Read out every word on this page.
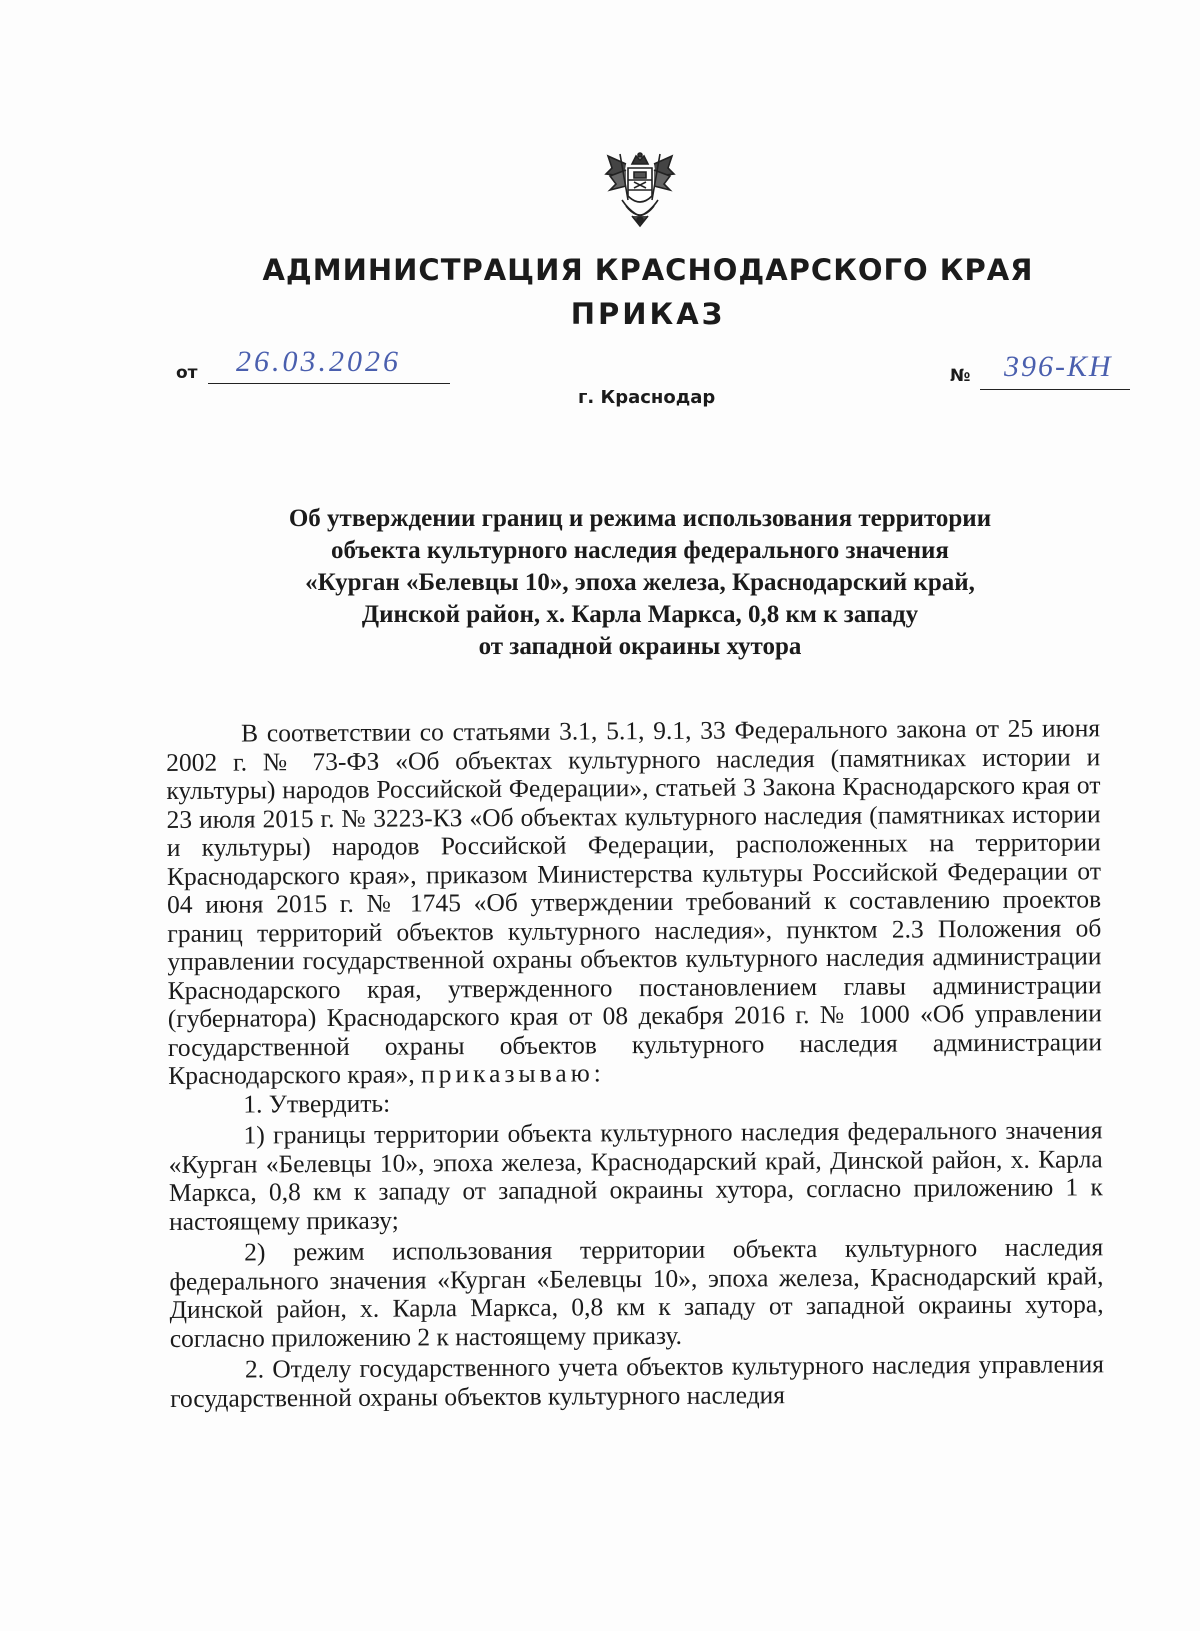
АДМИНИСТРАЦИЯ КРАСНОДАРСКОГО КРАЯ
ПРИКАЗ
от 26.03.2026
г. Краснодар
№ 396-КН
Об утверждении границ и режима использования территории
объекта культурного наследия федерального значения
«Курган «Белевцы 10», эпоха железа, Краснодарский край,
Динской район, х. Карла Маркса, 0,8 км к западу
от западной окраины хутора

В соответствии со статьями 3.1, 5.1, 9.1, 33 Федерального закона от 25 июня 2002 г. № 73-ФЗ «Об объектах культурного наследия (памятниках истории и культуры) народов Российской Федерации», статьей 3 Закона Краснодарского края от 23 июля 2015 г. № 3223-КЗ «Об объектах культурного наследия (памятниках истории и культуры) народов Российской Федерации, расположенных на территории Краснодарского края», приказом Министерства культуры Российской Федерации от 04 июня 2015 г. № 1745 «Об утверждении требований к составлению проектов границ территорий объектов культурного наследия», пунктом 2.3 Положения об управлении государственной охраны объектов культурного наследия администрации Краснодарского края, утвержденного постановлением главы администрации (губернатора) Краснодарского края от 08 декабря 2016 г. № 1000 «Об управлении государственной охраны объектов культурного наследия администрации Краснодарского края», приказываю:

1. Утвердить:

1) границы территории объекта культурного наследия федерального значения «Курган «Белевцы 10», эпоха железа, Краснодарский край, Динской район, х. Карла Маркса, 0,8 км к западу от западной окраины хутора, согласно приложению 1 к настоящему приказу;

2) режим использования территории объекта культурного наследия федерального значения «Курган «Белевцы 10», эпоха железа, Краснодарский край, Динской район, х. Карла Маркса, 0,8 км к западу от западной окраины хутора, согласно приложению 2 к настоящему приказу.

2. Отделу государственного учета объектов культурного наследия управления государственной охраны объектов культурного наследия
